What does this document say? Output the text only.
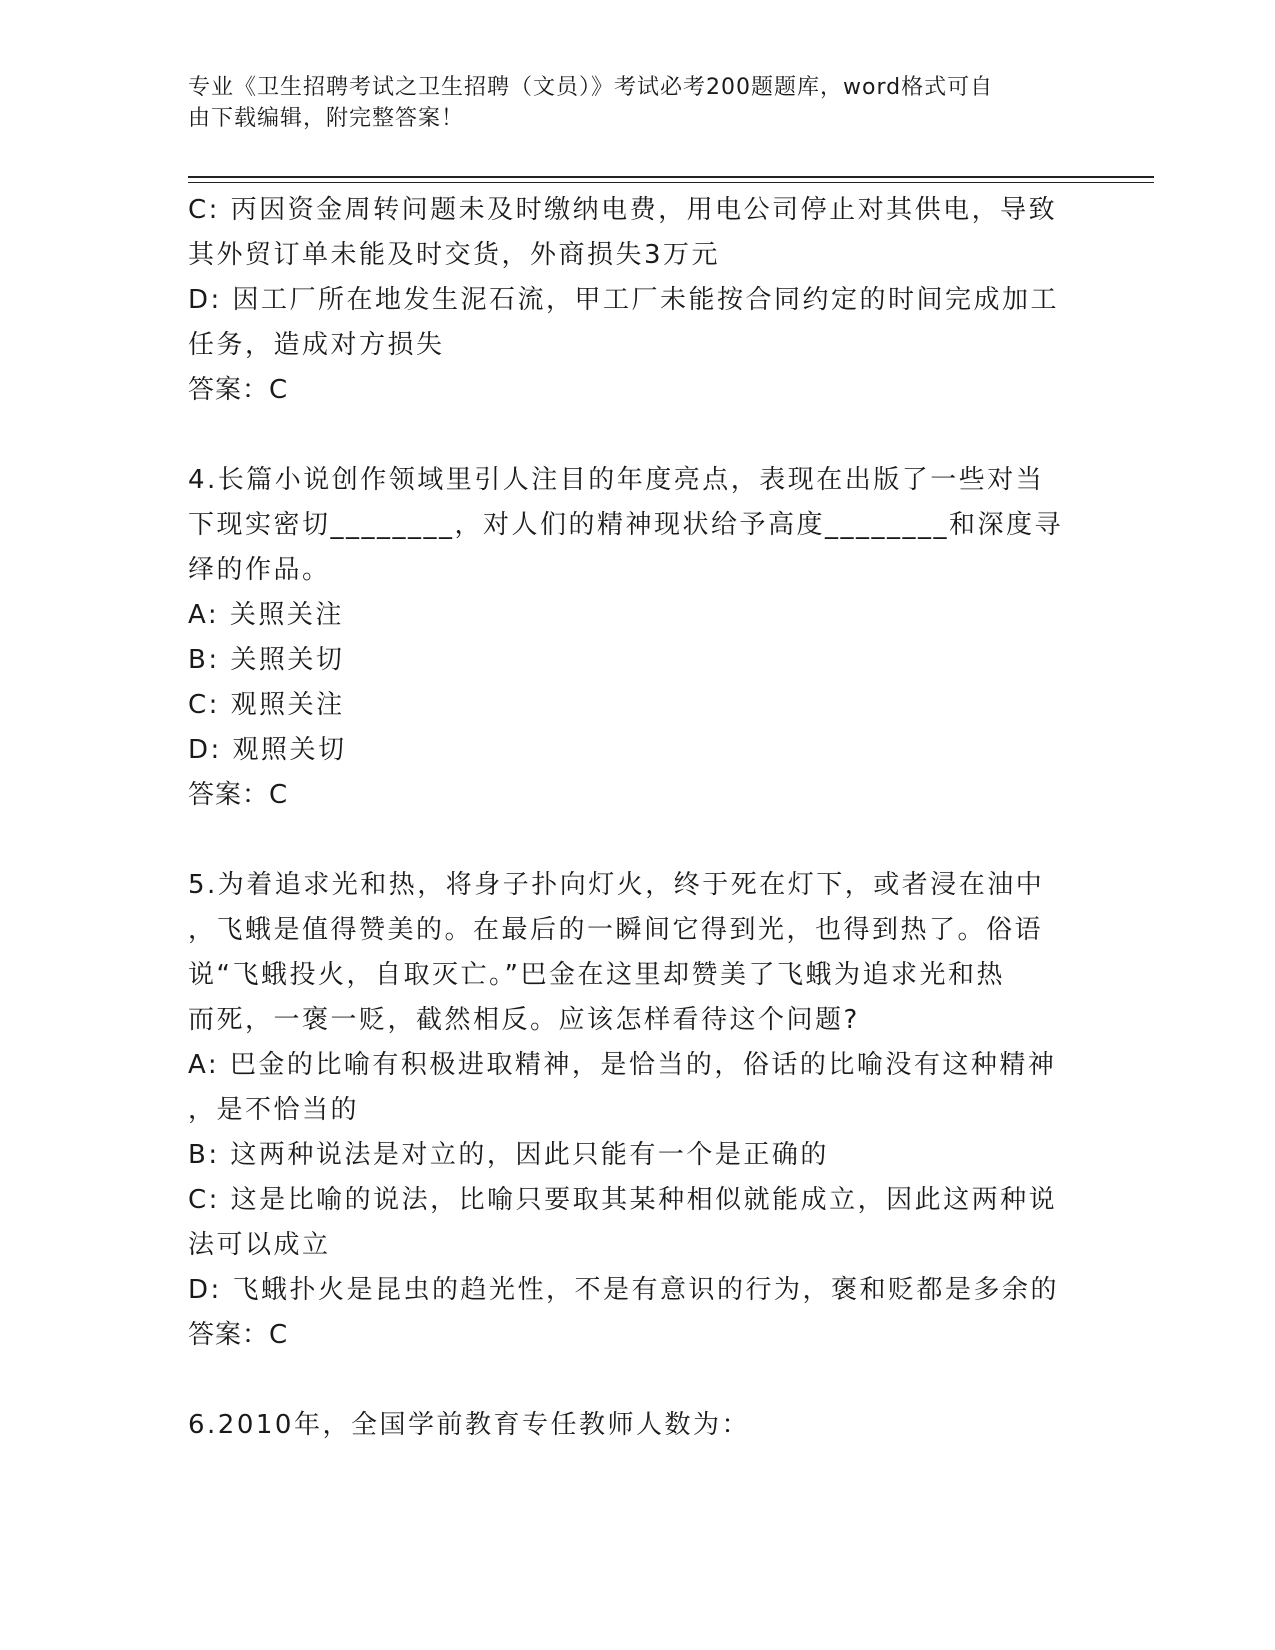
专业《卫生招聘考试之卫生招聘（文员）》考试必考200题题库，word格式可自
由下载编辑，附完整答案！
C: 丙因资金周转问题未及时缴纳电费，用电公司停止对其供电，导致
其外贸订单未能及时交货，外商损失3万元
D: 因工厂所在地发生泥石流，甲工厂未能按合同约定的时间完成加工
任务，造成对方损失
答案：C
4.长篇小说创作领域里引人注目的年度亮点，表现在出版了一些对当
下现实密切________，对人们的精神现状给予高度________和深度寻
绎的作品。
A: 关照关注
B: 关照关切
C: 观照关注
D: 观照关切
答案：C
5.为着追求光和热，将身子扑向灯火，终于死在灯下，或者浸在油中
，飞蛾是值得赞美的。在最后的一瞬间它得到光，也得到热了。俗语
说“飞蛾投火，自取灭亡。”巴金在这里却赞美了飞蛾为追求光和热
而死，一褒一贬，截然相反。应该怎样看待这个问题?
A: 巴金的比喻有积极进取精神，是恰当的，俗话的比喻没有这种精神
，是不恰当的
B: 这两种说法是对立的，因此只能有一个是正确的
C: 这是比喻的说法，比喻只要取其某种相似就能成立，因此这两种说
法可以成立
D: 飞蛾扑火是昆虫的趋光性，不是有意识的行为，褒和贬都是多余的
答案：C
6.2010年，全国学前教育专任教师人数为：
